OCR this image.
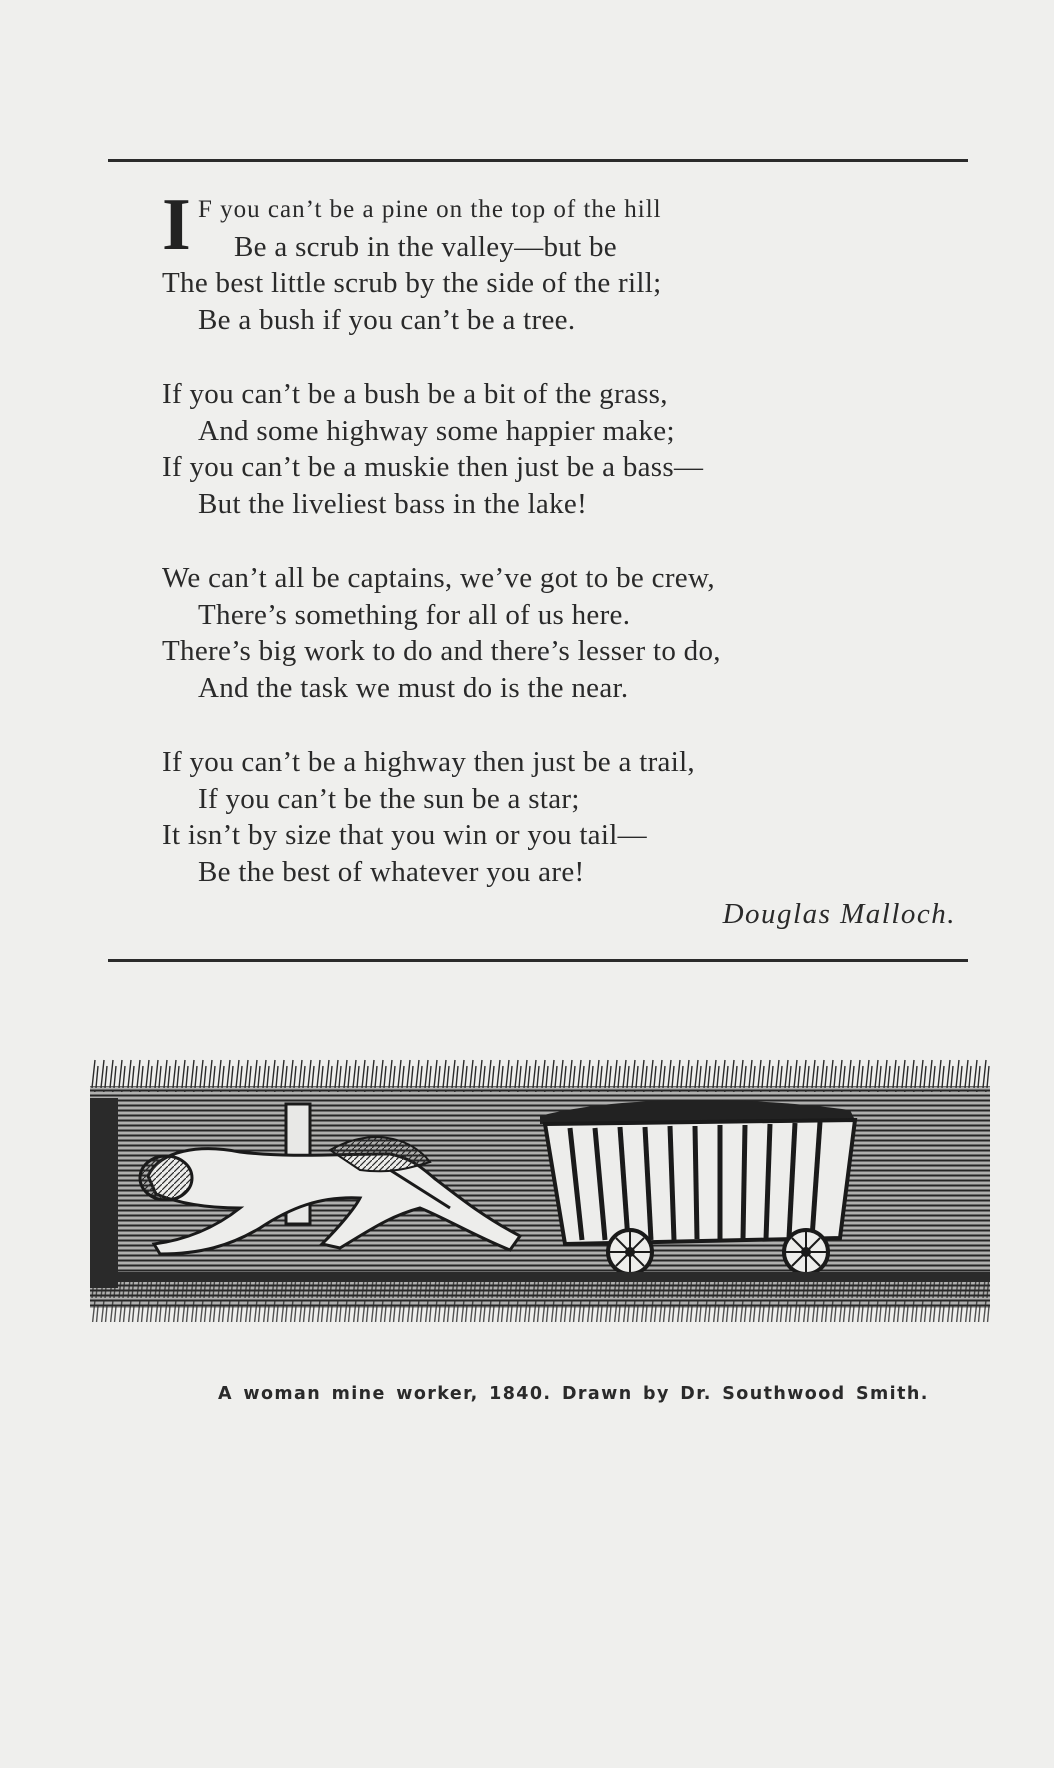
I F you can’t be a pine on the top of the hill
Be a scrub in the valley—but be
The best little scrub by the side of the rill;
Be a bush if you can’t be a tree.
If you can’t be a bush be a bit of the grass,
And some highway some happier make;
If you can’t be a muskie then just be a bass—
But the liveliest bass in the lake!
We can’t all be captains, we’ve got to be crew,
There’s something for all of us here.
There’s big work to do and there’s lesser to do,
And the task we must do is the near.
If you can’t be a highway then just be a trail,
If you can’t be the sun be a star;
It isn’t by size that you win or you tail—
Be the best of whatever you are!
Douglas Malloch.
A woman mine worker, 1840. Drawn by Dr. Southwood Smith.
